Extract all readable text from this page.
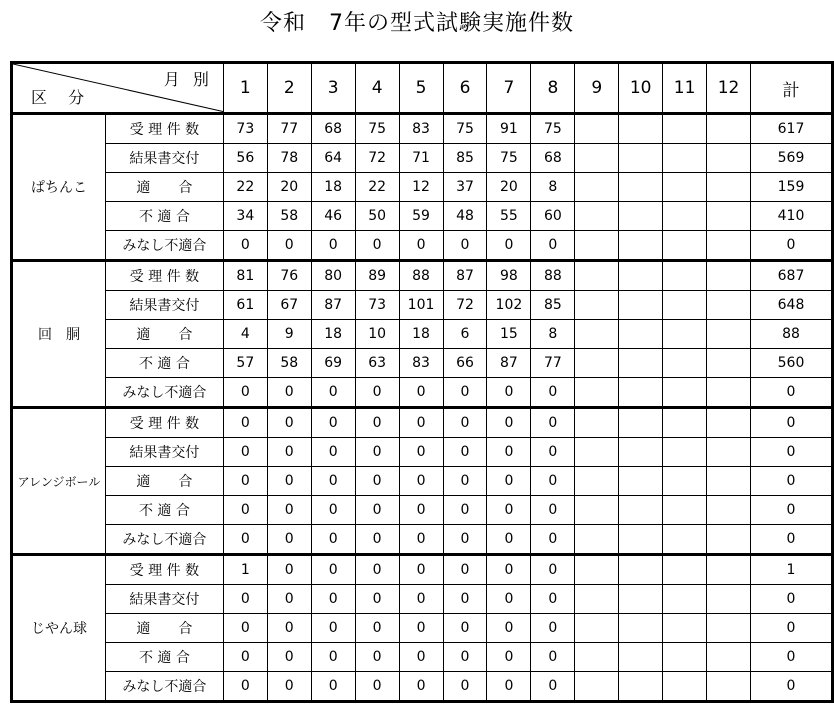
令和　7年の型式試験実施件数
月 別
区 分		1	2	3	4	5	6	7	8	9	10	11	12	計
ぱちんこ	受 理 件 数	73	77	68	75	83	75	91	75					617
	結果書交付	56	78	64	72	71	85	75	68					569
	適　　合	22	20	18	22	12	37	20	8					159
	不 適 合	34	58	46	50	59	48	55	60					410
	みなし不適合	0	0	0	0	0	0	0	0					0
回　胴	受 理 件 数	81	76	80	89	88	87	98	88					687
	結果書交付	61	67	87	73	101	72	102	85					648
	適　　合	4	9	18	10	18	6	15	8					88
	不 適 合	57	58	69	63	83	66	87	77					560
	みなし不適合	0	0	0	0	0	0	0	0					0
アレンジボール	受 理 件 数	0	0	0	0	0	0	0	0					0
	結果書交付	0	0	0	0	0	0	0	0					0
	適　　合	0	0	0	0	0	0	0	0					0
	不 適 合	0	0	0	0	0	0	0	0					0
	みなし不適合	0	0	0	0	0	0	0	0					0
じやん球	受 理 件 数	1	0	0	0	0	0	0	0					1
	結果書交付	0	0	0	0	0	0	0	0					0
	適　　合	0	0	0	0	0	0	0	0					0
	不 適 合	0	0	0	0	0	0	0	0					0
	みなし不適合	0	0	0	0	0	0	0	0					0
